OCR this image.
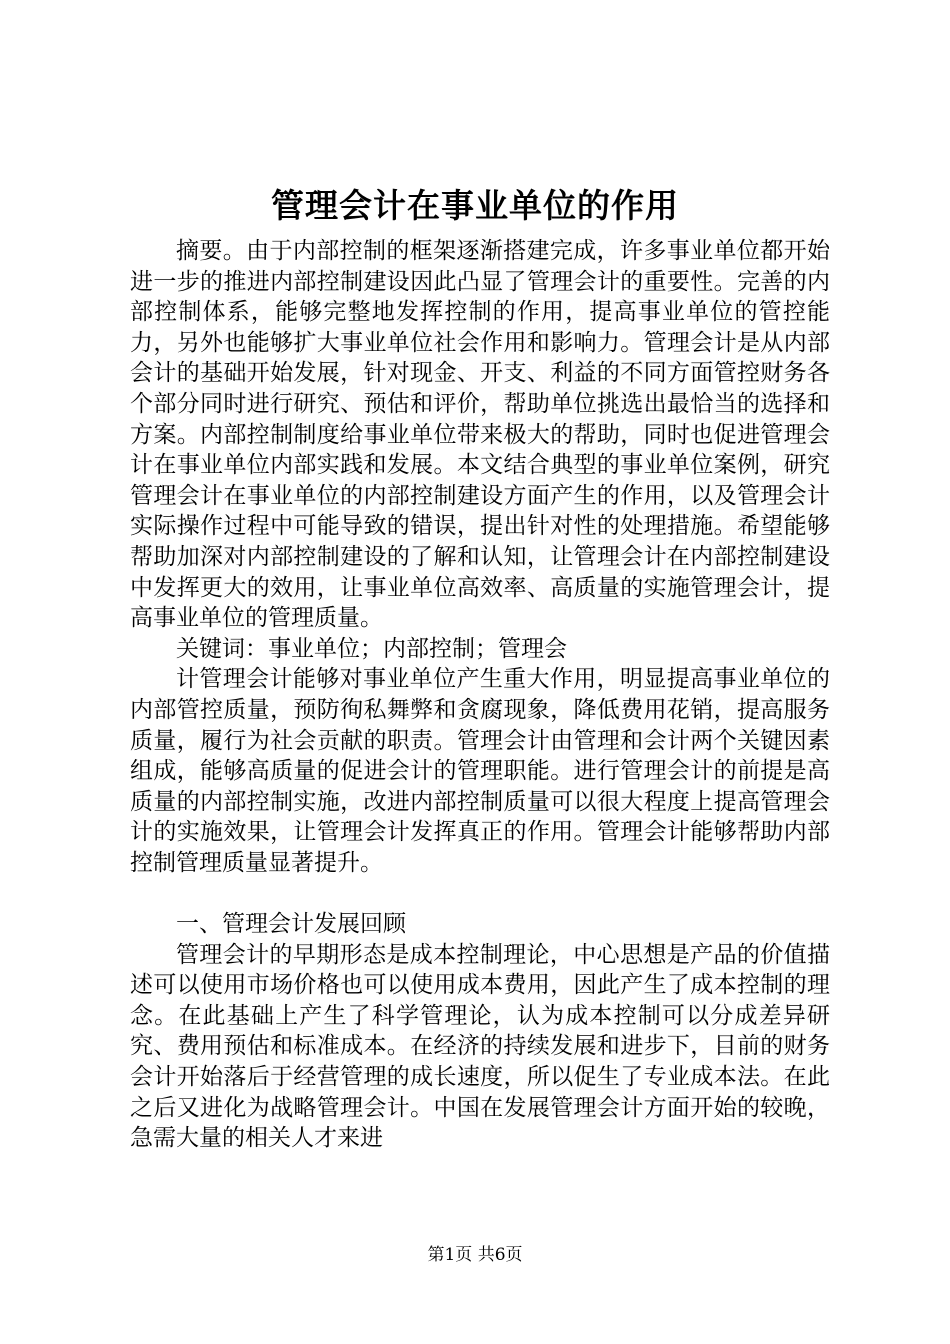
管理会计在事业单位的作用

摘要。由于内部控制的框架逐渐搭建完成，许多事业单位都开始进一步的推进内部控制建设因此凸显了管理会计的重要性。完善的内部控制体系，能够完整地发挥控制的作用，提高事业单位的管控能力，另外也能够扩大事业单位社会作用和影响力。管理会计是从内部会计的基础开始发展，针对现金、开支、利益的不同方面管控财务各个部分同时进行研究、预估和评价，帮助单位挑选出最恰当的选择和方案。内部控制制度给事业单位带来极大的帮助，同时也促进管理会计在事业单位内部实践和发展。本文结合典型的事业单位案例，研究管理会计在事业单位的内部控制建设方面产生的作用，以及管理会计实际操作过程中可能导致的错误，提出针对性的处理措施。希望能够帮助加深对内部控制建设的了解和认知，让管理会计在内部控制建设中发挥更大的效用，让事业单位高效率、高质量的实施管理会计，提高事业单位的管理质量。

关键词：事业单位；内部控制；管理会

计管理会计能够对事业单位产生重大作用，明显提高事业单位的内部管控质量，预防徇私舞弊和贪腐现象，降低费用花销，提高服务质量，履行为社会贡献的职责。管理会计由管理和会计两个关键因素组成，能够高质量的促进会计的管理职能。进行管理会计的前提是高质量的内部控制实施，改进内部控制质量可以很大程度上提高管理会计的实施效果，让管理会计发挥真正的作用。管理会计能够帮助内部控制管理质量显著提升。

一、管理会计发展回顾

管理会计的早期形态是成本控制理论，中心思想是产品的价值描述可以使用市场价格也可以使用成本费用，因此产生了成本控制的理念。在此基础上产生了科学管理论，认为成本控制可以分成差异研究、费用预估和标准成本。在经济的持续发展和进步下，目前的财务会计开始落后于经营管理的成长速度，所以促生了专业成本法。在此之后又进化为战略管理会计。中国在发展管理会计方面开始的较晚，急需大量的相关人才来进

第1页 共6页
